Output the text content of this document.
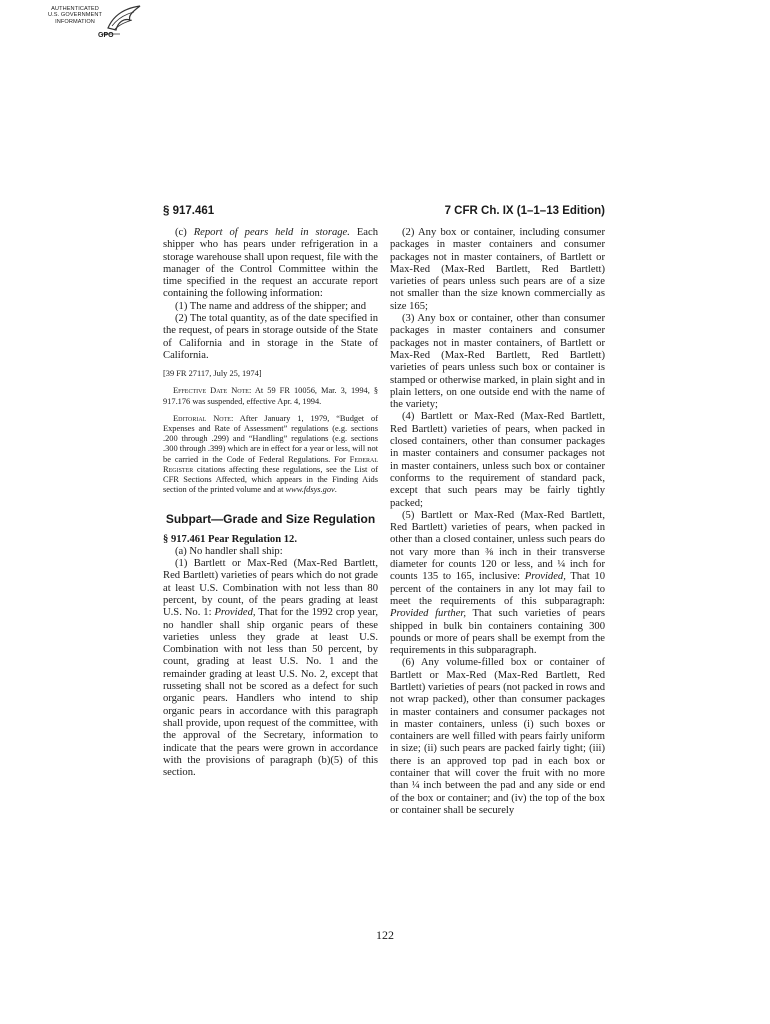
AUTHENTICATED
U.S. GOVERNMENT
INFORMATION
GPO
§ 917.461	7 CFR Ch. IX (1–1–13 Edition)

(c) Report of pears held in storage. Each shipper who has pears under refrigeration in a storage warehouse shall upon request, file with the manager of the Control Committee within the time specified in the request an accurate report containing the following information:

(1) The name and address of the shipper; and

(2) The total quantity, as of the date specified in the request, of pears in storage outside of the State of California and in storage in the State of California.

[39 FR 27117, July 25, 1974]

Effective Date Note: At 59 FR 10056, Mar. 3, 1994, § 917.176 was suspended, effective Apr. 4, 1994.

Editorial Note: After January 1, 1979, “Budget of Expenses and Rate of Assessment” regulations (e.g. sections .200 through .299) and “Handling” regulations (e.g. sections .300 through .399) which are in effect for a year or less, will not be carried in the Code of Federal Regulations. For Federal Register citations affecting these regulations, see the List of CFR Sections Affected, which appears in the Finding Aids section of the printed volume and at www.fdsys.gov.

Subpart—Grade and Size Regulation

§ 917.461 Pear Regulation 12.

(a) No handler shall ship:

(1) Bartlett or Max-Red (Max-Red Bartlett, Red Bartlett) varieties of pears which do not grade at least U.S. Combination with not less than 80 percent, by count, of the pears grading at least U.S. No. 1: Provided, That for the 1992 crop year, no handler shall ship organic pears of these varieties unless they grade at least U.S. Combination with not less than 50 percent, by count, grading at least U.S. No. 1 and the remainder grading at least U.S. No. 2, except that russeting shall not be scored as a defect for such organic pears. Handlers who intend to ship organic pears in accordance with this paragraph shall provide, upon request of the committee, with the approval of the Secretary, information to indicate that the pears were grown in accordance with the provisions of paragraph (b)(5) of this section.

(2) Any box or container, including consumer packages in master containers and consumer packages not in master containers, of Bartlett or Max-Red (Max-Red Bartlett, Red Bartlett) varieties of pears unless such pears are of a size not smaller than the size known commercially as size 165;

(3) Any box or container, other than consumer packages in master containers and consumer packages not in master containers, of Bartlett or Max-Red (Max-Red Bartlett, Red Bartlett) varieties of pears unless such box or container is stamped or otherwise marked, in plain sight and in plain letters, on one outside end with the name of the variety;

(4) Bartlett or Max-Red (Max-Red Bartlett, Red Bartlett) varieties of pears, when packed in closed containers, other than consumer packages in master containers and consumer packages not in master containers, unless such box or container conforms to the requirement of standard pack, except that such pears may be fairly tightly packed;

(5) Bartlett or Max-Red (Max-Red Bartlett, Red Bartlett) varieties of pears, when packed in other than a closed container, unless such pears do not vary more than ⅜ inch in their transverse diameter for counts 120 or less, and ¼ inch for counts 135 to 165, inclusive: Provided, That 10 percent of the containers in any lot may fail to meet the requirements of this subparagraph: Provided further, That such varieties of pears shipped in bulk bin containers containing 300 pounds or more of pears shall be exempt from the requirements in this subparagraph.

(6) Any volume-filled box or container of Bartlett or Max-Red (Max-Red Bartlett, Red Bartlett) varieties of pears (not packed in rows and not wrap packed), other than consumer packages in master containers and consumer packages not in master containers, unless (i) such boxes or containers are well filled with pears fairly uniform in size; (ii) such pears are packed fairly tight; (iii) there is an approved top pad in each box or container that will cover the fruit with no more than ¼ inch between the pad and any side or end of the box or container; and (iv) the top of the box or container shall be securely

122
